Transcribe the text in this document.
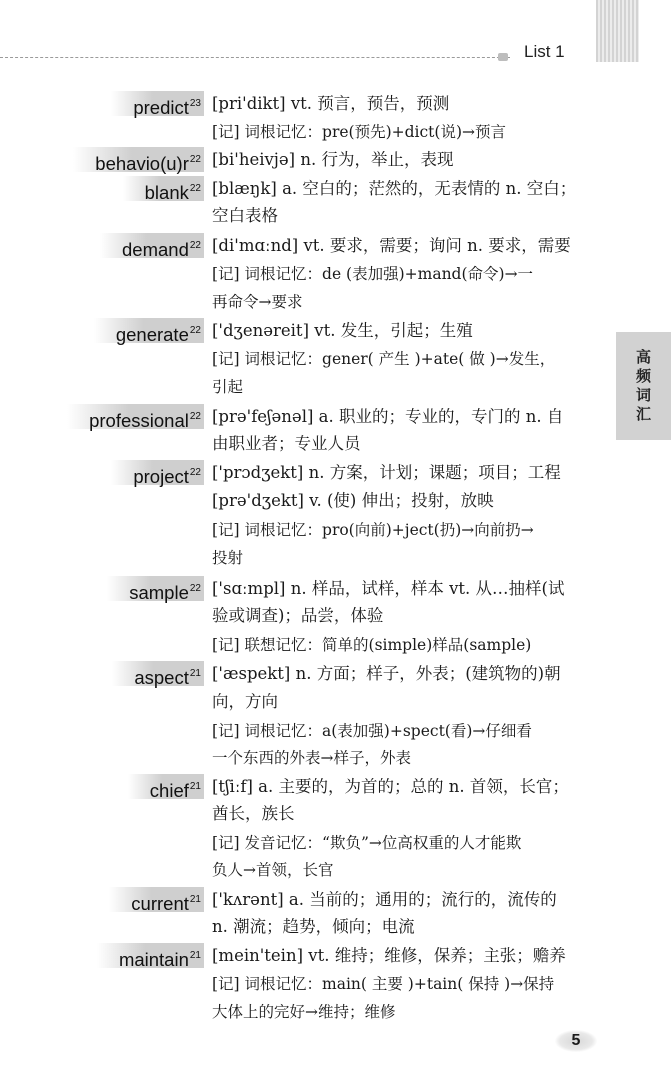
List 1
高
频
词
汇
predict$^{23}$ [pri'dikt] vt. 预言，预告，预测
[记] 词根记忆：pre(预先)+dict(说)→预言
$behavio(u)r^{22}$ [bi'heivjə] n. 行为，举止，表现
blank$^{22}$ [blæŋk] a. 空白的；茫然的，无表情的 n. 空白；
空白表格
demand$^{22}$ [di'mɑːnd] vt. 要求，需要；询问 n. 要求，需要
[记] 词根记忆：de (表加强)+mand(命令)→一
再命令→要求
generate$^{22}$ ['dʒenəreit] vt. 发生，引起；生殖
[记] 词根记忆：gener( 产生 )+ate( 做 )→发生，
引起
professional$^{22}$ [prə'feʃənəl] a. 职业的；专业的，专门的 n. 自
由职业者；专业人员
project$^{22}$ ['prɔdʒekt] n. 方案，计划；课题；项目；工程
[prə'dʒekt] v. (使) 伸出；投射，放映
[记] 词根记忆：pro(向前)+ject(扔)→向前扔→
投射
sample$^{22}$ ['sɑːmpl] n. 样品，试样，样本 vt. 从…抽样(试
验或调查)；品尝，体验
[记] 联想记忆：简单的(simple)样品(sample)
aspect$^{21}$ ['æspekt] n. 方面；样子，外表；(建筑物的)朝
向，方向
[记] 词根记忆：a(表加强)+spect(看)→仔细看
一个东西的外表→样子，外表
chief$^{21}$ [tʃiːf] a. 主要的，为首的；总的 n. 首领，长官；
酋长，族长
[记] 发音记忆：“欺负”→位高权重的人才能欺
负人→首领，长官
current$^{21}$ ['kʌrənt] a. 当前的；通用的；流行的，流传的
n. 潮流；趋势，倾向；电流
maintain$^{21}$ [mein'tein] vt. 维持；维修，保养；主张；赡养
[记] 词根记忆：main( 主要 )+tain( 保持 )→保持
大体上的完好→维持；维修
5
